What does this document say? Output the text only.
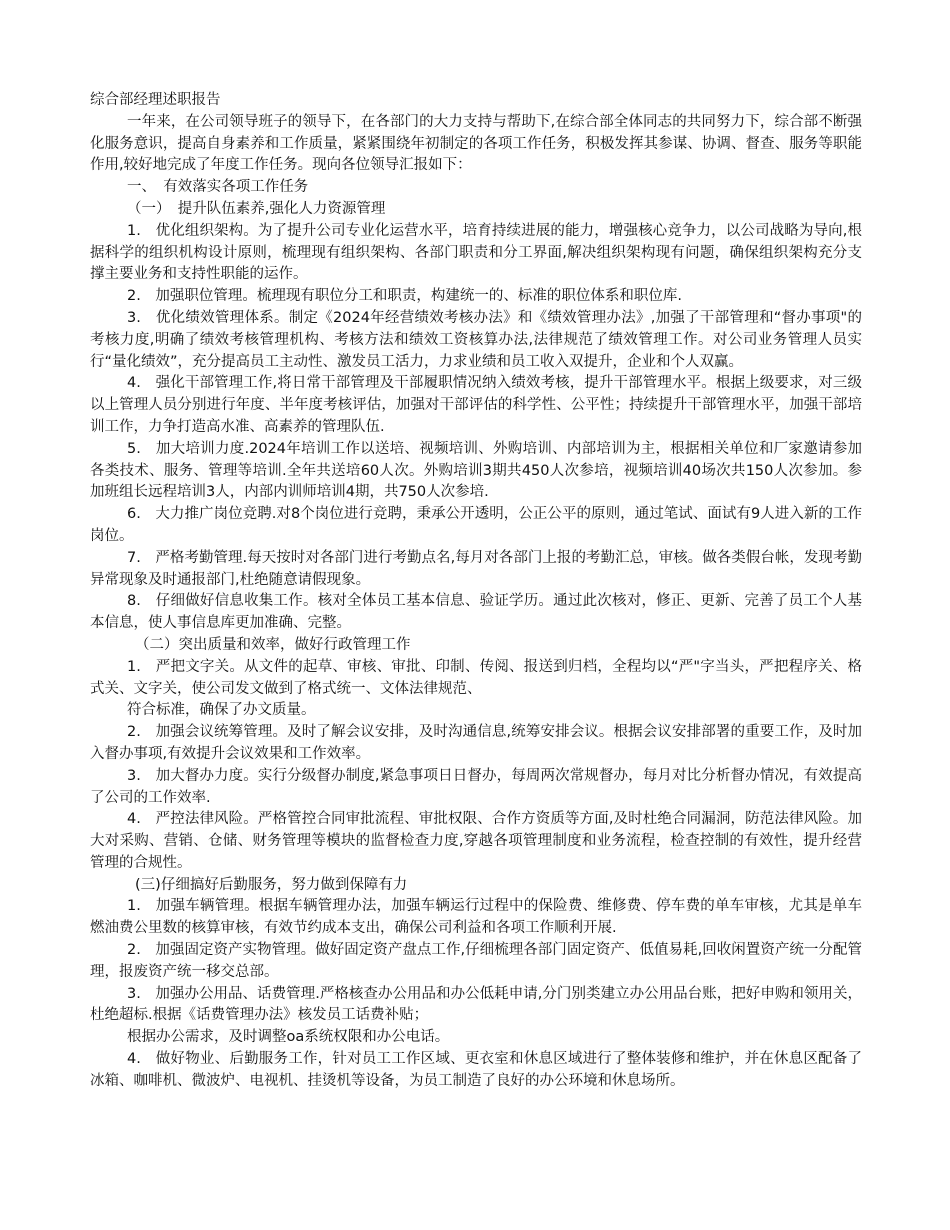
综合部经理述职报告

一年来，在公司领导班子的领导下，在各部门的大力支持与帮助下,在综合部全体同志的共同努力下，综合部不断强化服务意识，提高自身素养和工作质量，紧紧围绕年初制定的各项工作任务，积极发挥其参谋、协调、督查、服务等职能作用,较好地完成了年度工作任务。现向各位领导汇报如下：

一、　有效落实各项工作任务

（一）　提升队伍素养,强化人力资源管理

1.　优化组织架构。为了提升公司专业化运营水平，培育持续进展的能力，增强核心竞争力，以公司战略为导向,根据科学的组织机构设计原则，梳理现有组织架构、各部门职责和分工界面,解决组织架构现有问题，确保组织架构充分支撑主要业务和支持性职能的运作。

2.　加强职位管理。梳理现有职位分工和职责，构建统一的、标准的职位体系和职位库.

3.　优化绩效管理体系。制定《2024年经营绩效考核办法》和《绩效管理办法》,加强了干部管理和“督办事项"的考核力度,明确了绩效考核管理机构、考核方法和绩效工资核算办法,法律规范了绩效管理工作。对公司业务管理人员实行“量化绩效”，充分提高员工主动性、激发员工活力，力求业绩和员工收入双提升，企业和个人双赢。

4.　强化干部管理工作,将日常干部管理及干部履职情况纳入绩效考核，提升干部管理水平。根据上级要求，对三级以上管理人员分别进行年度、半年度考核评估，加强对干部评估的科学性、公平性；持续提升干部管理水平，加强干部培训工作，力争打造高水准、高素养的管理队伍.

5.　加大培训力度.2024年培训工作以送培、视频培训、外购培训、内部培训为主，根据相关单位和厂家邀请参加各类技术、服务、管理等培训.全年共送培60人次。外购培训3期共450人次参培，视频培训40场次共150人次参加。参加班组长远程培训3人，内部内训师培训4期，共750人次参培.

6.　大力推广岗位竞聘.对8个岗位进行竞聘，秉承公开透明，公正公平的原则，通过笔试、面试有9人进入新的工作岗位。

7.　严格考勤管理.每天按时对各部门进行考勤点名,每月对各部门上报的考勤汇总，审核。做各类假台帐，发现考勤异常现象及时通报部门,杜绝随意请假现象。

8.　仔细做好信息收集工作。核对全体员工基本信息、验证学历。通过此次核对，修正、更新、完善了员工个人基本信息，使人事信息库更加准确、完整。

（二）突出质量和效率，做好行政管理工作

1.　严把文字关。从文件的起草、审核、审批、印制、传阅、报送到归档，全程均以“严"字当头，严把程序关、格式关、文字关，使公司发文做到了格式统一、文体法律规范、

符合标准，确保了办文质量。

2.　加强会议统筹管理。及时了解会议安排，及时沟通信息,统筹安排会议。根据会议安排部署的重要工作，及时加入督办事项,有效提升会议效果和工作效率。

3.　加大督办力度。实行分级督办制度,紧急事项日日督办，每周两次常规督办，每月对比分析督办情况，有效提高了公司的工作效率.

4.　严控法律风险。严格管控合同审批流程、审批权限、合作方资质等方面,及时杜绝合同漏洞，防范法律风险。加大对采购、营销、仓储、财务管理等模块的监督检查力度,穿越各项管理制度和业务流程，检查控制的有效性，提升经营管理的合规性。

(三)仔细搞好后勤服务，努力做到保障有力

1.　加强车辆管理。根据车辆管理办法，加强车辆运行过程中的保险费、维修费、停车费的单车审核，尤其是单车燃油费公里数的核算审核，有效节约成本支出，确保公司利益和各项工作顺利开展.

2.　加强固定资产实物管理。做好固定资产盘点工作,仔细梳理各部门固定资产、低值易耗,回收闲置资产统一分配管理，报废资产统一移交总部。

3.　加强办公用品、话费管理.严格核查办公用品和办公低耗申请,分门别类建立办公用品台账，把好申购和领用关，杜绝超标.根据《话费管理办法》核发员工话费补贴；

根据办公需求，及时调整oa系统权限和办公电话。

4.　做好物业、后勤服务工作，针对员工工作区域、更衣室和休息区域进行了整体装修和维护，并在休息区配备了冰箱、咖啡机、微波炉、电视机、挂烫机等设备，为员工制造了良好的办公环境和休息场所。
